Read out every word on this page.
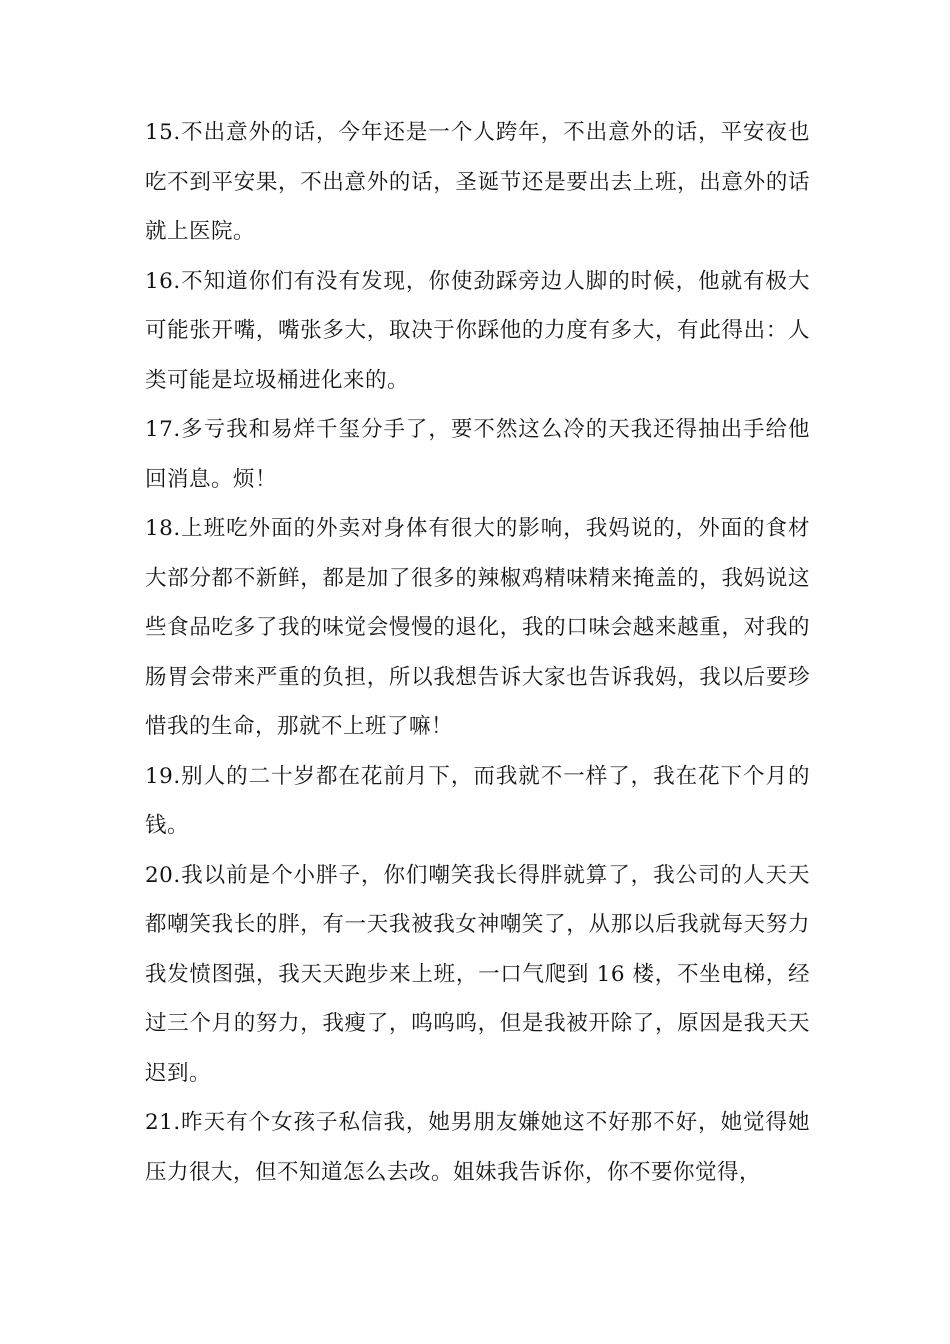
15.不出意外的话，今年还是一个人跨年，不出意外的话，平安夜也吃不到平安果，不出意外的话，圣诞节还是要出去上班，出意外的话就上医院。

16.不知道你们有没有发现，你使劲踩旁边人脚的时候，他就有极大可能张开嘴，嘴张多大，取决于你踩他的力度有多大，有此得出：人类可能是垃圾桶进化来的。

17.多亏我和易烊千玺分手了，要不然这么冷的天我还得抽出手给他回消息。烦！

18.上班吃外面的外卖对身体有很大的影响，我妈说的，外面的食材大部分都不新鲜，都是加了很多的辣椒鸡精味精来掩盖的，我妈说这些食品吃多了我的味觉会慢慢的退化，我的口味会越来越重，对我的肠胃会带来严重的负担，所以我想告诉大家也告诉我妈，我以后要珍惜我的生命，那就不上班了嘛！

19.别人的二十岁都在花前月下，而我就不一样了，我在花下个月的钱。

20.我以前是个小胖子，你们嘲笑我长得胖就算了，我公司的人天天都嘲笑我长的胖，有一天我被我女神嘲笑了，从那以后我就每天努力我发愤图强，我天天跑步来上班，一口气爬到 16 楼，不坐电梯，经过三个月的努力，我瘦了，呜呜呜，但是我被开除了，原因是我天天迟到。

21.昨天有个女孩子私信我，她男朋友嫌她这不好那不好，她觉得她压力很大，但不知道怎么去改。姐妹我告诉你，你不要你觉得，
